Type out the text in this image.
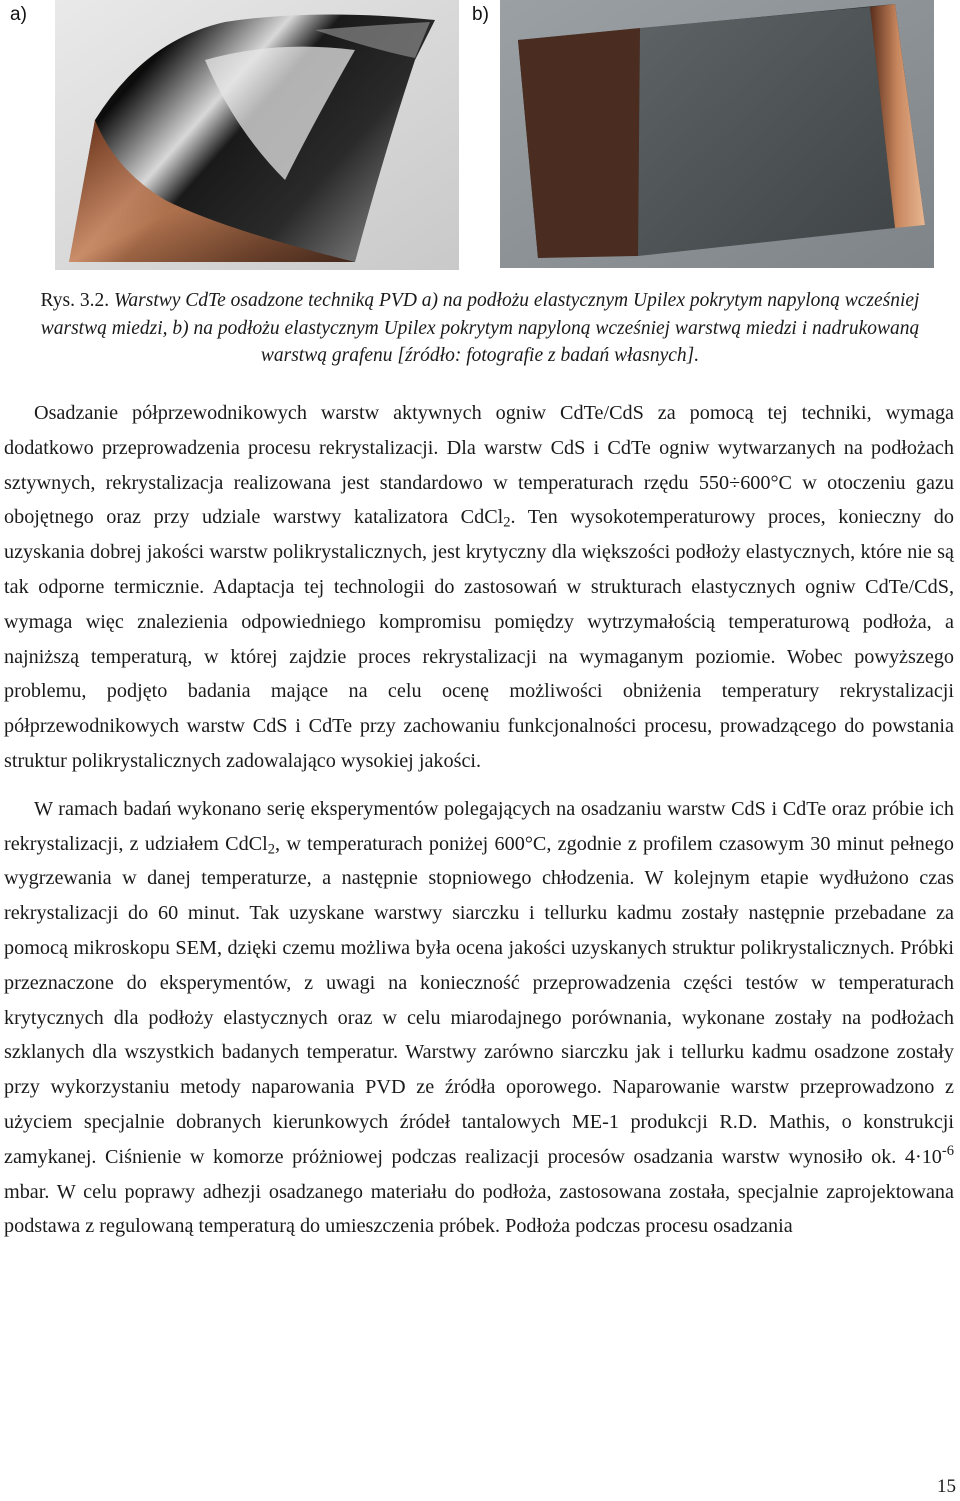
a)	b)
Rys. 3.2. Warstwy CdTe osadzone techniką PVD a) na podłożu elastycznym Upilex pokrytym napyloną wcześniej warstwą miedzi, b) na podłożu elastycznym Upilex pokrytym napyloną wcześniej warstwą miedzi i nadrukowaną warstwą grafenu [źródło: fotografie z badań własnych].

Osadzanie półprzewodnikowych warstw aktywnych ogniw CdTe/CdS za pomocą tej techniki, wymaga dodatkowo przeprowadzenia procesu rekrystalizacji. Dla warstw CdS i CdTe ogniw wytwarzanych na podłożach sztywnych, rekrystalizacja realizowana jest standardowo w temperaturach rzędu 550÷600°C w otoczeniu gazu obojętnego oraz przy udziale warstwy katalizatora CdCl$_2$. Ten wysokotemperaturowy proces, konieczny do uzyskania dobrej jakości warstw polikrystalicznych, jest krytyczny dla większości podłoży elastycznych, które nie są tak odporne termicznie. Adaptacja tej technologii do zastosowań w strukturach elastycznych ogniw CdTe/CdS, wymaga więc znalezienia odpowiedniego kompromisu pomiędzy wytrzymałością temperaturową podłoża, a najniższą temperaturą, w której zajdzie proces rekrystalizacji na wymaganym poziomie. Wobec powyższego problemu, podjęto badania mające na celu ocenę możliwości obniżenia temperatury rekrystalizacji półprzewodnikowych warstw CdS i CdTe przy zachowaniu funkcjonalności procesu, prowadzącego do powstania struktur polikrystalicznych zadowalająco wysokiej jakości.

W ramach badań wykonano serię eksperymentów polegających na osadzaniu warstw CdS i CdTe oraz próbie ich rekrystalizacji, z udziałem CdCl$_2$, w temperaturach poniżej 600°C, zgodnie z profilem czasowym 30 minut pełnego wygrzewania w danej temperaturze, a następnie stopniowego chłodzenia. W kolejnym etapie wydłużono czas rekrystalizacji do 60 minut. Tak uzyskane warstwy siarczku i tellurku kadmu zostały następnie przebadane za pomocą mikroskopu SEM, dzięki czemu możliwa była ocena jakości uzyskanych struktur polikrystalicznych. Próbki przeznaczone do eksperymentów, z uwagi na konieczność przeprowadzenia części testów w temperaturach krytycznych dla podłoży elastycznych oraz w celu miarodajnego porównania, wykonane zostały na podłożach szklanych dla wszystkich badanych temperatur. Warstwy zarówno siarczku jak i tellurku kadmu osadzone zostały przy wykorzystaniu metody naparowania PVD ze źródła oporowego. Naparowanie warstw przeprowadzono z użyciem specjalnie dobranych kierunkowych źródeł tantalowych ME-1 produkcji R.D. Mathis, o konstrukcji zamykanej. Ciśnienie w komorze próżniowej podczas realizacji procesów osadzania warstw wynosiło ok. $4\cdot 10^{-6}$ mbar. W celu poprawy adhezji osadzanego materiału do podłoża, zastosowana została, specjalnie zaprojektowana podstawa z regulowaną temperaturą do umieszczenia próbek. Podłoża podczas procesu osadzania

15
